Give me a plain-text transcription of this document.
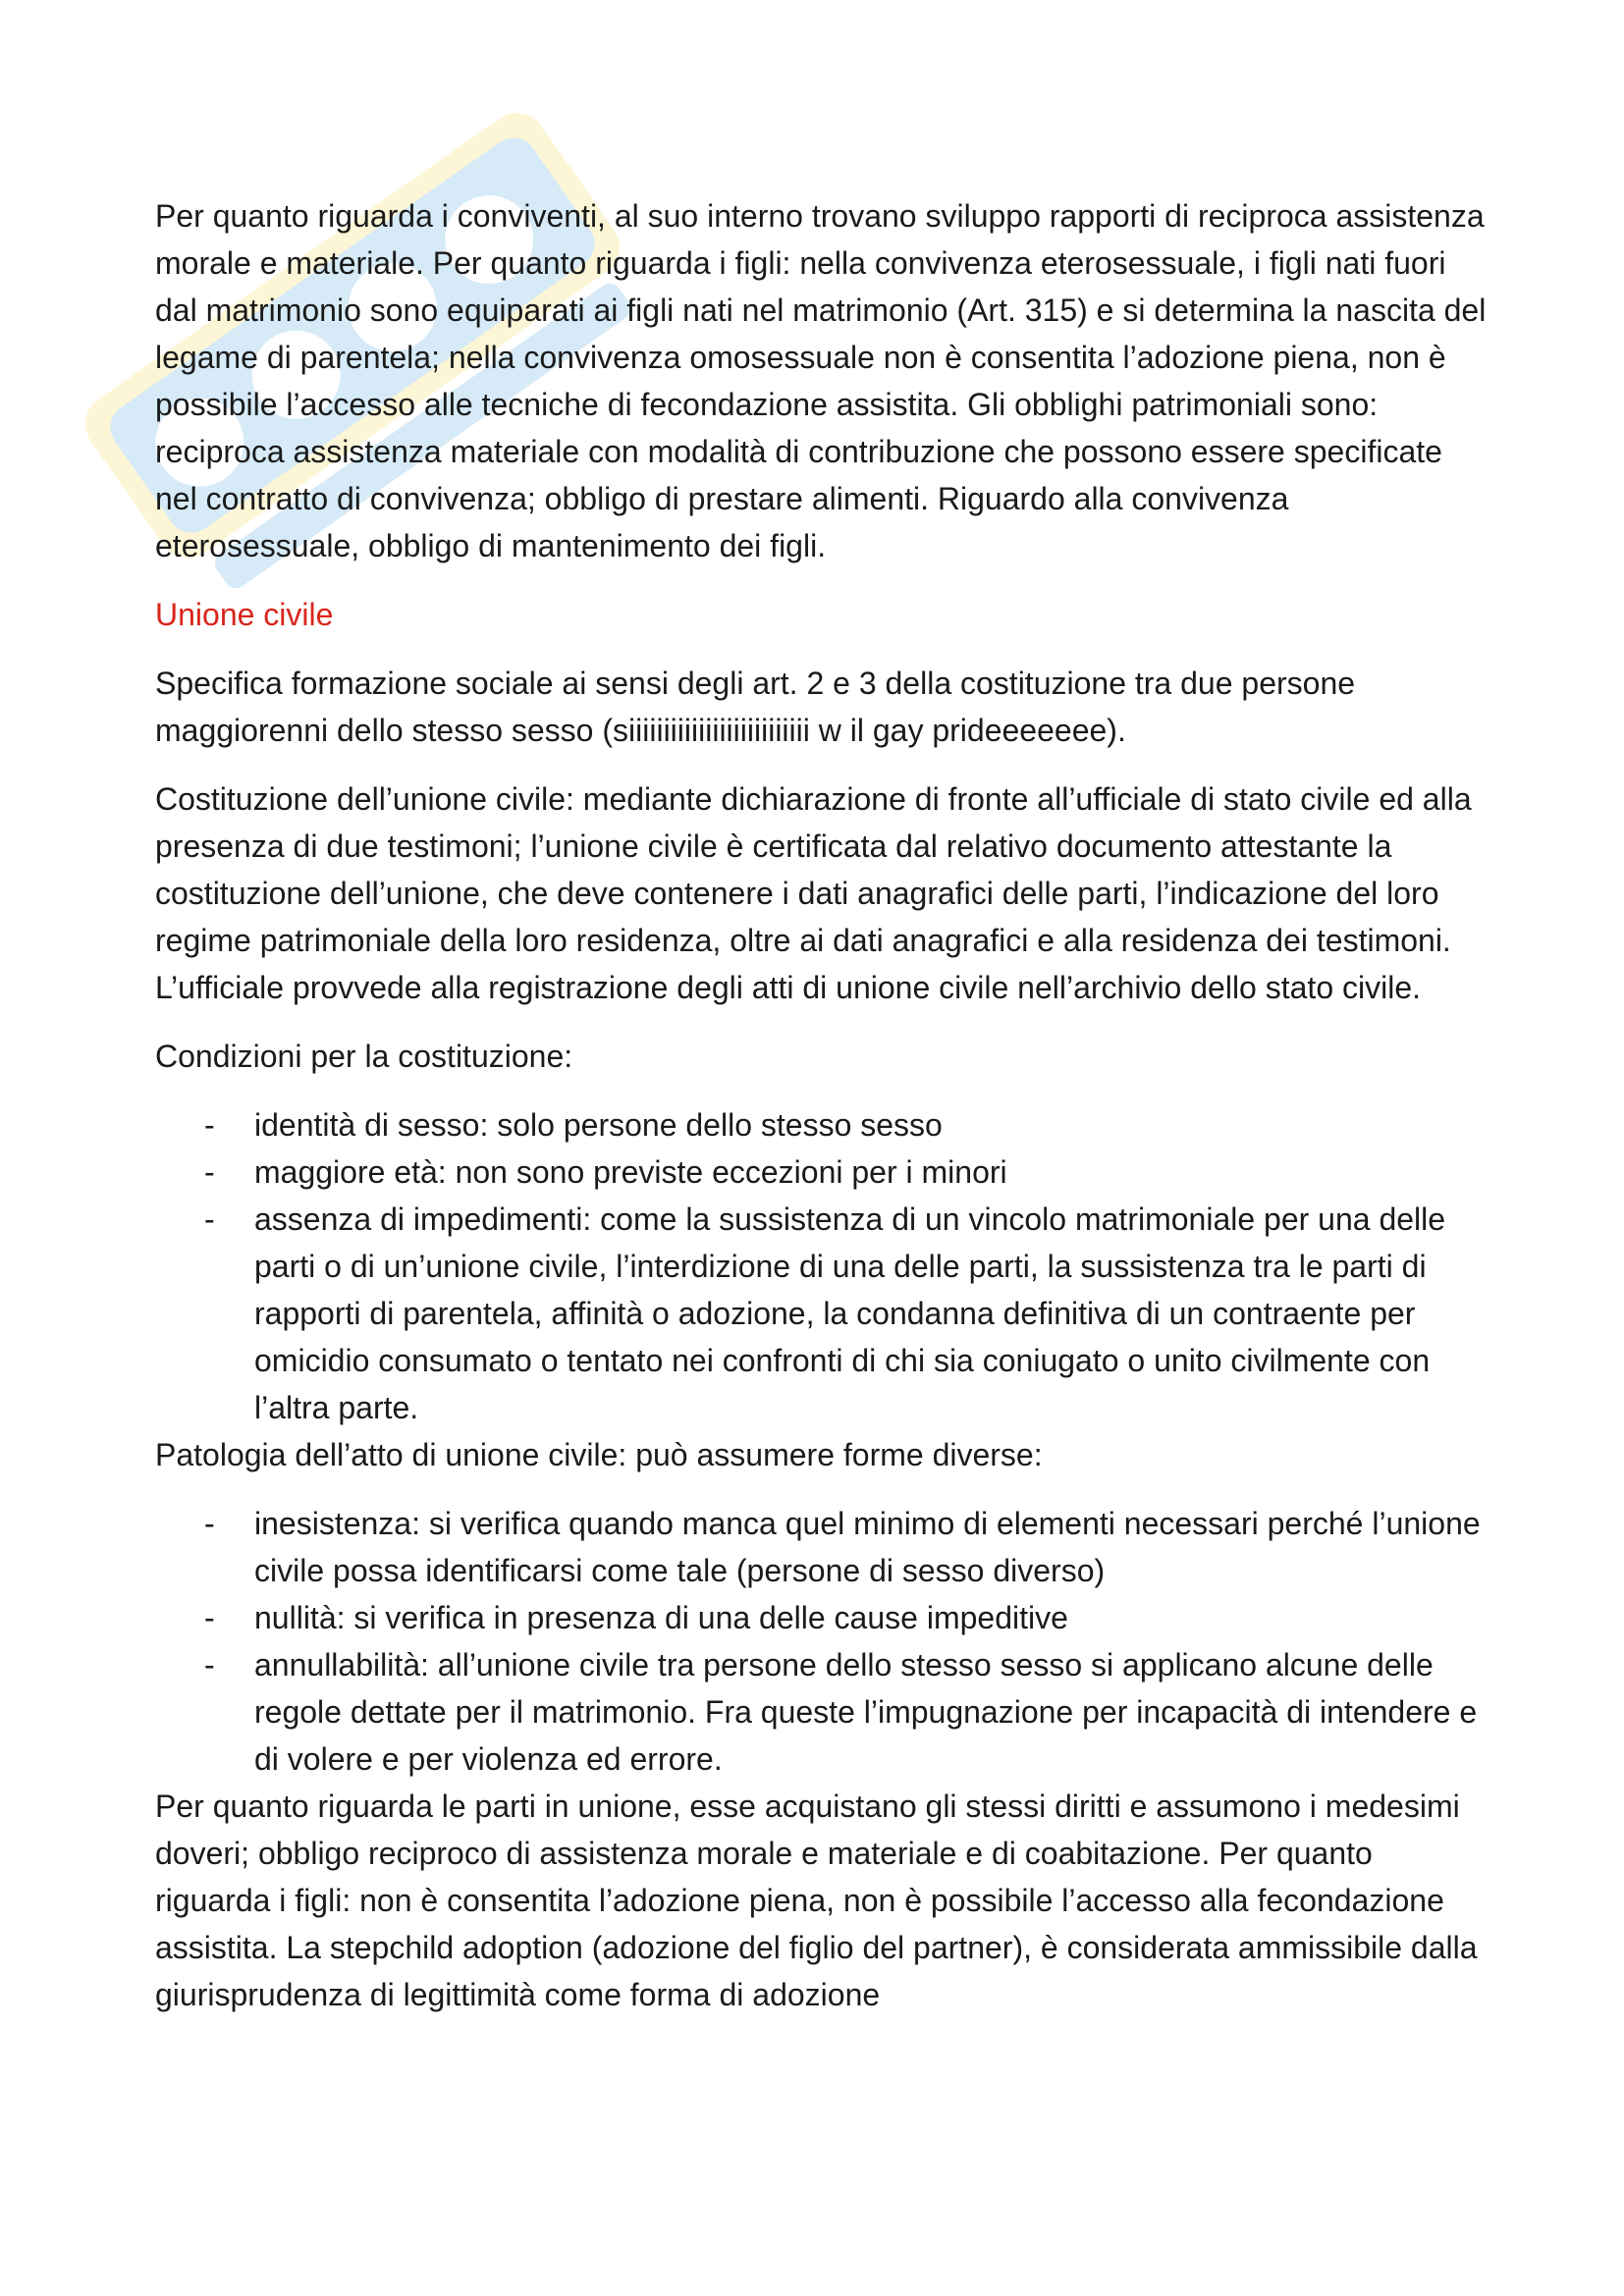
Per quanto riguarda i conviventi, al suo interno trovano sviluppo rapporti di reciproca assistenza morale e materiale. Per quanto riguarda i figli: nella convivenza eterosessuale, i figli nati fuori dal matrimonio sono equiparati ai figli nati nel matrimonio (Art. 315) e si determina la nascita del legame di parentela; nella convivenza omosessuale non è consentita l’adozione piena, non è possibile l’accesso alle tecniche di fecondazione assistita. Gli obblighi patrimoniali sono: reciproca assistenza materiale con modalità di contribuzione che possono essere specificate nel contratto di convivenza; obbligo di prestare alimenti. Riguardo alla convivenza eterosessuale, obbligo di mantenimento dei figli.

Unione civile

Specifica formazione sociale ai sensi degli art. 2 e 3 della costituzione tra due persone maggiorenni dello stesso sesso (siiiiiiiiiiiiiiiiiiiiiiiiii w il gay prideeeeeee).

Costituzione dell’unione civile: mediante dichiarazione di fronte all’ufficiale di stato civile ed alla presenza di due testimoni; l’unione civile è certificata dal relativo documento attestante la costituzione dell’unione, che deve contenere i dati anagrafici delle parti, l’indicazione del loro regime patrimoniale della loro residenza, oltre ai dati anagrafici e alla residenza dei testimoni. L’ufficiale provvede alla registrazione degli atti di unione civile nell’archivio dello stato civile.

Condizioni per la costituzione:

- identità di sesso: solo persone dello stesso sesso
- maggiore età: non sono previste eccezioni per i minori
- assenza di impedimenti: come la sussistenza di un vincolo matrimoniale per una delle parti o di un’unione civile, l’interdizione di una delle parti, la sussistenza tra le parti di rapporti di parentela, affinità o adozione, la condanna definitiva di un contraente per omicidio consumato o tentato nei confronti di chi sia coniugato o unito civilmente con l’altra parte.

Patologia dell’atto di unione civile: può assumere forme diverse:

- inesistenza: si verifica quando manca quel minimo di elementi necessari perché l’unione civile possa identificarsi come tale (persone di sesso diverso)
- nullità: si verifica in presenza di una delle cause impeditive
- annullabilità: all’unione civile tra persone dello stesso sesso si applicano alcune delle regole dettate per il matrimonio. Fra queste l’impugnazione per incapacità di intendere e di volere e per violenza ed errore.

Per quanto riguarda le parti in unione, esse acquistano gli stessi diritti e assumono i medesimi doveri; obbligo reciproco di assistenza morale e materiale e di coabitazione. Per quanto riguarda i figli: non è consentita l’adozione piena, non è possibile l’accesso alla fecondazione assistita. La stepchild adoption (adozione del figlio del partner), è considerata ammissibile dalla giurisprudenza di legittimità come forma di adozione
